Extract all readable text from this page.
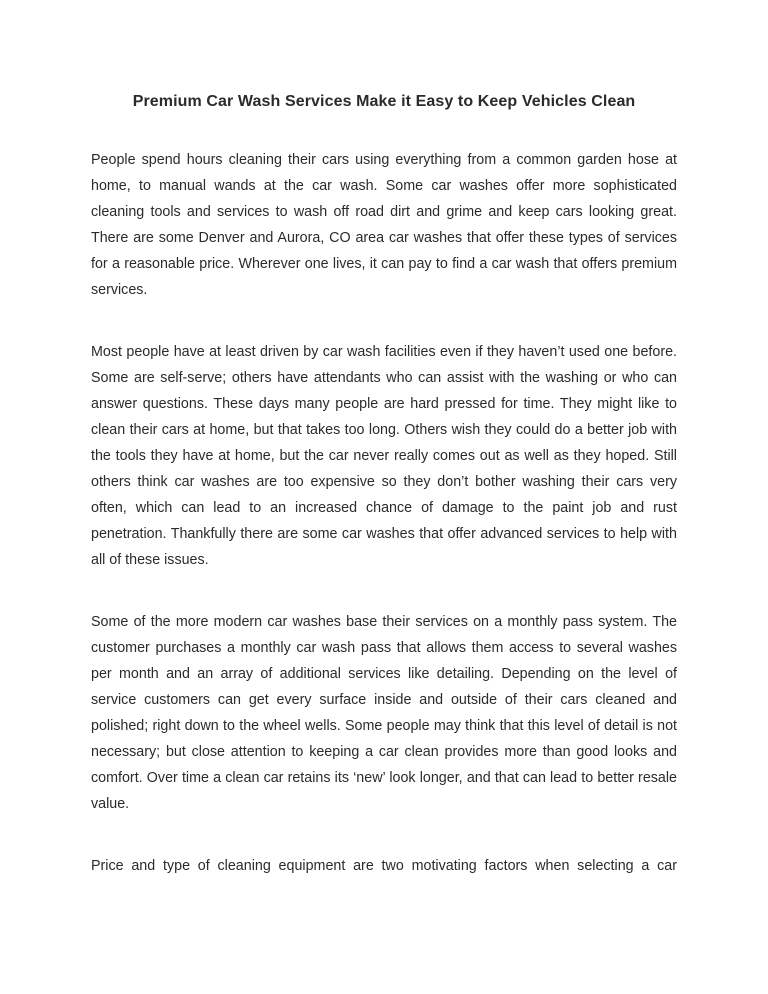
Premium Car Wash Services Make it Easy to Keep Vehicles Clean

People spend hours cleaning their cars using everything from a common garden hose at home, to manual wands at the car wash. Some car washes offer more sophisticated cleaning tools and services to wash off road dirt and grime and keep cars looking great. There are some Denver and Aurora, CO area car washes that offer these types of services for a reasonable price. Wherever one lives, it can pay to find a car wash that offers premium services.

Most people have at least driven by car wash facilities even if they haven’t used one before. Some are self-serve; others have attendants who can assist with the washing or who can answer questions. These days many people are hard pressed for time. They might like to clean their cars at home, but that takes too long. Others wish they could do a better job with the tools they have at home, but the car never really comes out as well as they hoped. Still others think car washes are too expensive so they don’t bother washing their cars very often, which can lead to an increased chance of damage to the paint job and rust penetration. Thankfully there are some car washes that offer advanced services to help with all of these issues.

Some of the more modern car washes base their services on a monthly pass system. The customer purchases a monthly car wash pass that allows them access to several washes per month and an array of additional services like detailing. Depending on the level of service customers can get every surface inside and outside of their cars cleaned and polished; right down to the wheel wells. Some people may think that this level of detail is not necessary; but close attention to keeping a car clean provides more than good looks and comfort. Over time a clean car retains its ‘new’ look longer, and that can lead to better resale value.

Price and type of cleaning equipment are two motivating factors when selecting a car
